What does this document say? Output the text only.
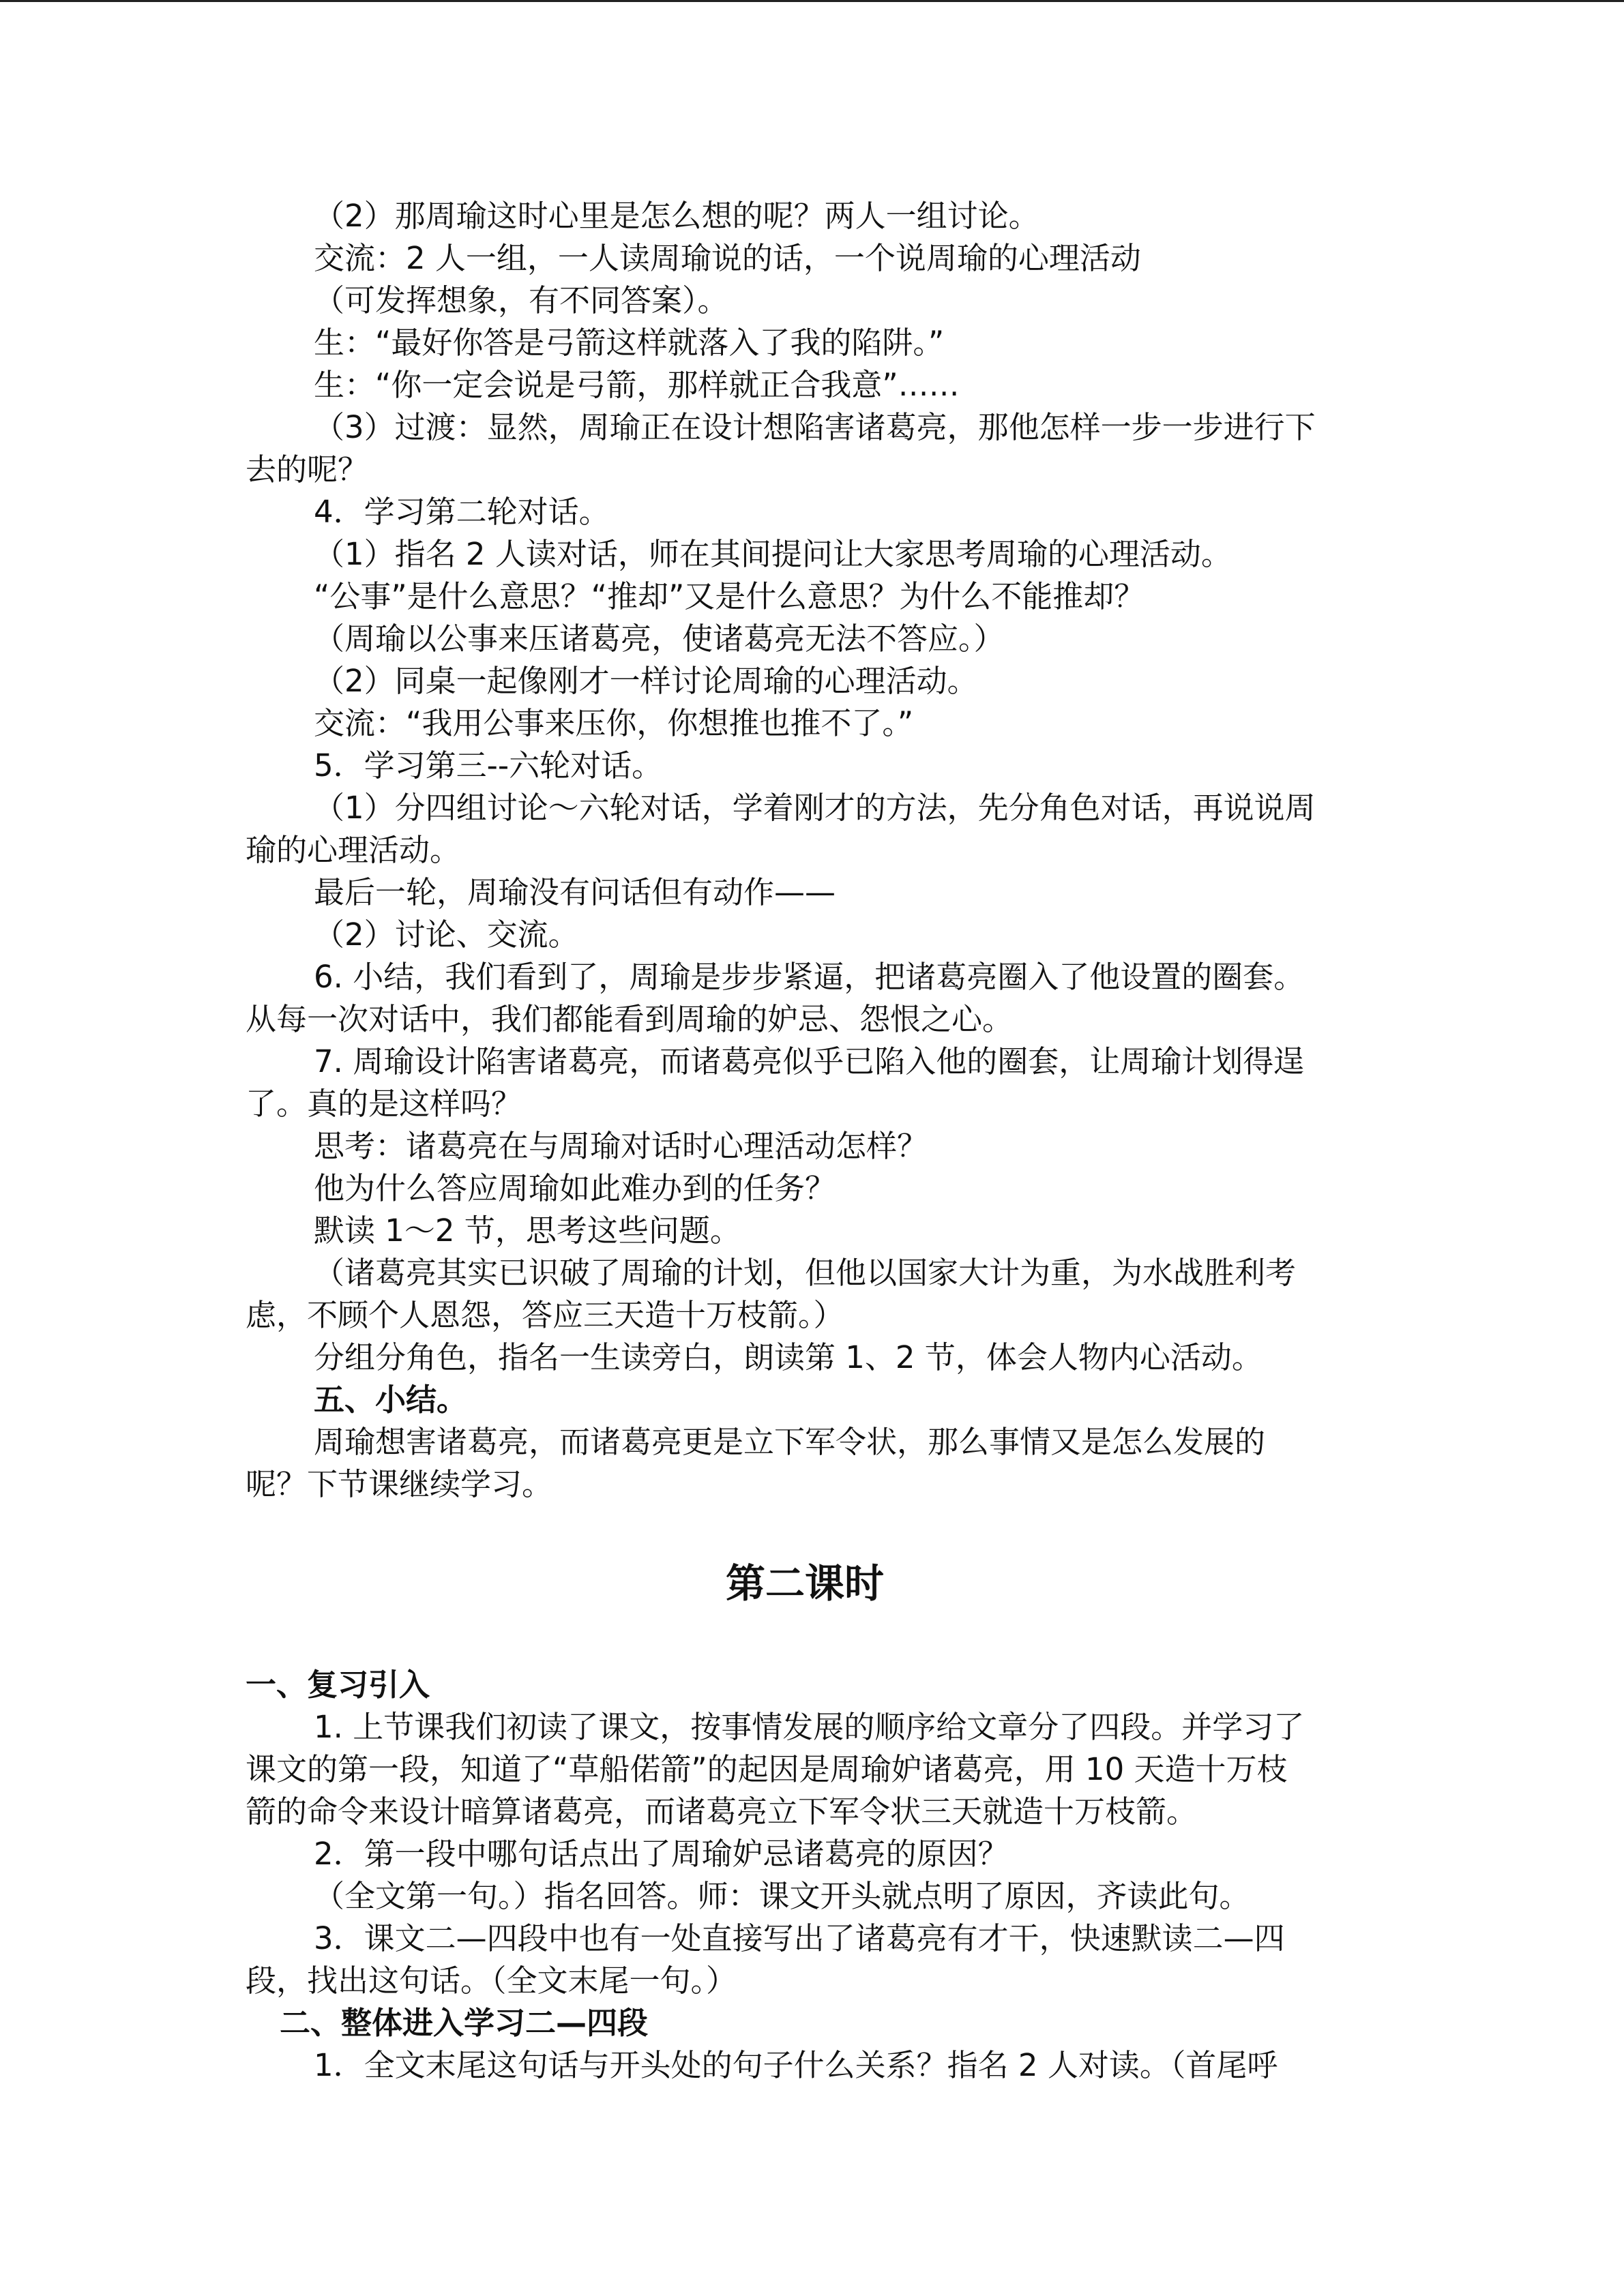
（2）那周瑜这时心里是怎么想的呢？两人一组讨论。
交流：2 人一组，一人读周瑜说的话，一个说周瑜的心理活动
（可发挥想象，有不同答案）。
生：“最好你答是弓箭这样就落入了我的陷阱。”
生：“你一定会说是弓箭，那样就正合我意”……
（3）过渡：显然，周瑜正在设计想陷害诸葛亮，那他怎样一步一步进行下
去的呢？
4．学习第二轮对话。
（1）指名 2 人读对话，师在其间提问让大家思考周瑜的心理活动。
“公事”是什么意思？“推却”又是什么意思？为什么不能推却？
（周瑜以公事来压诸葛亮，使诸葛亮无法不答应。）
（2）同桌一起像刚才一样讨论周瑜的心理活动。
交流：“我用公事来压你，你想推也推不了。”
5．学习第三--六轮对话。
（1）分四组讨论～六轮对话，学着刚才的方法，先分角色对话，再说说周
瑜的心理活动。
最后一轮，周瑜没有问话但有动作——
（2）讨论、交流。
6. 小结，我们看到了，周瑜是步步紧逼，把诸葛亮圈入了他设置的圈套。
从每一次对话中，我们都能看到周瑜的妒忌、怨恨之心。
7. 周瑜设计陷害诸葛亮，而诸葛亮似乎已陷入他的圈套，让周瑜计划得逞
了。真的是这样吗？
思考：诸葛亮在与周瑜对话时心理活动怎样？
他为什么答应周瑜如此难办到的任务？
默读 1～2 节，思考这些问题。
（诸葛亮其实已识破了周瑜的计划，但他以国家大计为重，为水战胜利考
虑，不顾个人恩怨，答应三天造十万枝箭。）
分组分角色，指名一生读旁白，朗读第 1、2 节，体会人物内心活动。
五、小结。
周瑜想害诸葛亮，而诸葛亮更是立下军令状，那么事情又是怎么发展的
呢？下节课继续学习。
第二课时
一、复习引入
1. 上节课我们初读了课文，按事情发展的顺序给文章分了四段。并学习了
课文的第一段，知道了“草船偌箭”的起因是周瑜妒诸葛亮，用 10 天造十万枝
箭的命令来设计暗算诸葛亮，而诸葛亮立下军令状三天就造十万枝箭。
2．第一段中哪句话点出了周瑜妒忌诸葛亮的原因？
（全文第一句。）指名回答。师：课文开头就点明了原因，齐读此句。
3．课文二—四段中也有一处直接写出了诸葛亮有才干，快速默读二—四
段，找出这句话。（全文末尾一句。）
二、整体进入学习二—四段
1．全文末尾这句话与开头处的句子什么关系？指名 2 人对读。（首尾呼
